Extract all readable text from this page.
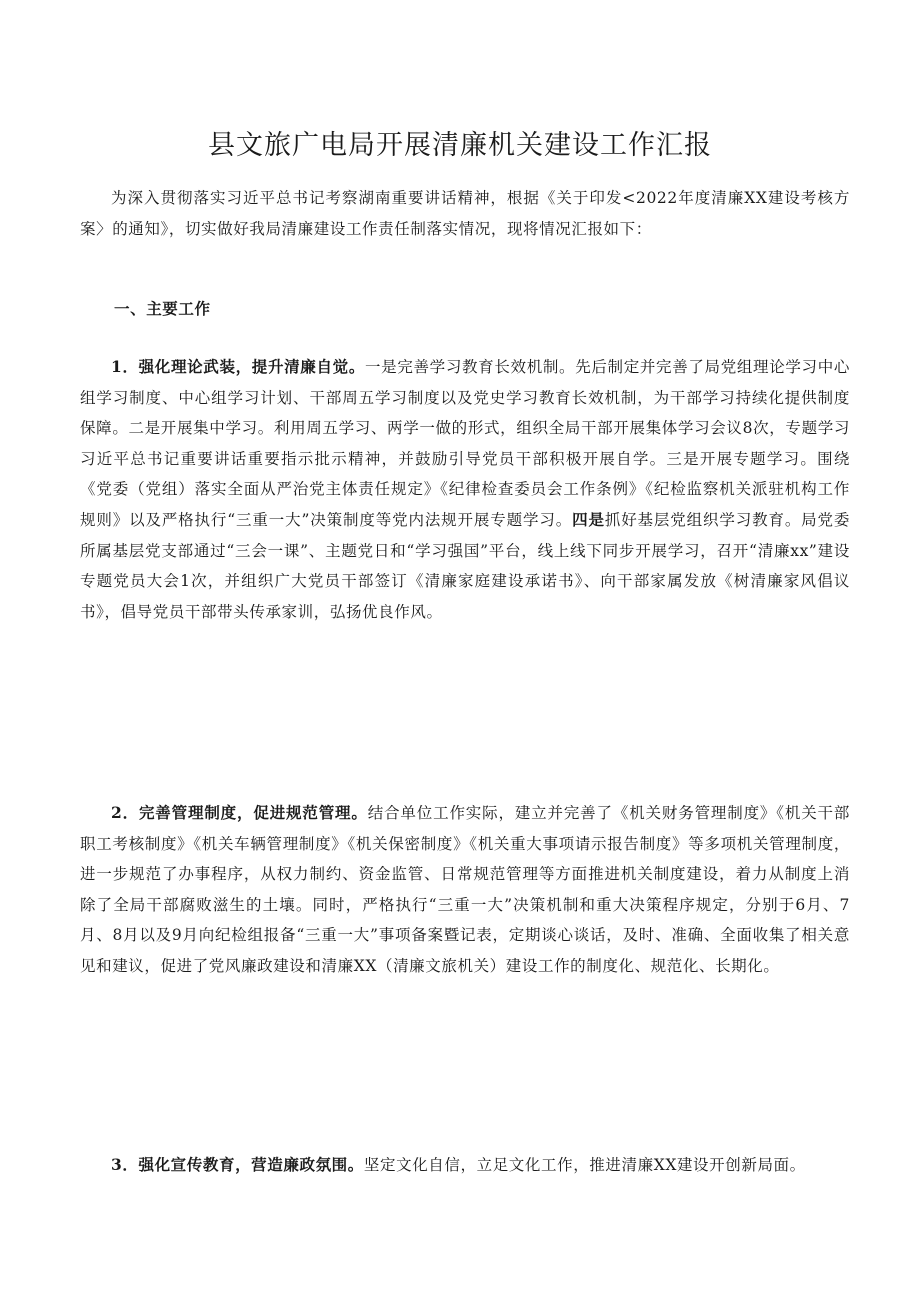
县文旅广电局开展清廉机关建设工作汇报

为深入贯彻落实习近平总书记考察湖南重要讲话精神，根据《关于印发<2022年度清廉XX建设考核方案〉的通知》，切实做好我局清廉建设工作责任制落实情况，现将情况汇报如下：

一、主要工作

1．强化理论武装，提升清廉自觉。一是完善学习教育长效机制。先后制定并完善了局党组理论学习中心组学习制度、中心组学习计划、干部周五学习制度以及党史学习教育长效机制，为干部学习持续化提供制度保障。二是开展集中学习。利用周五学习、两学一做的形式，组织全局干部开展集体学习会议8次，专题学习习近平总书记重要讲话重要指示批示精神，并鼓励引导党员干部积极开展自学。三是开展专题学习。围绕《党委（党组）落实全面从严治党主体责任规定》《纪律检查委员会工作条例》《纪检监察机关派驻机构工作规则》以及严格执行“三重一大”决策制度等党内法规开展专题学习。四是抓好基层党组织学习教育。局党委所属基层党支部通过“三会一课”、主题党日和“学习强国”平台，线上线下同步开展学习，召开“清廉xx”建设专题党员大会1次，并组织广大党员干部签订《清廉家庭建设承诺书》、向干部家属发放《树清廉家风倡议书》，倡导党员干部带头传承家训，弘扬优良作风。

2．完善管理制度，促进规范管理。结合单位工作实际，建立并完善了《机关财务管理制度》《机关干部职工考核制度》《机关车辆管理制度》《机关保密制度》《机关重大事项请示报告制度》等多项机关管理制度，进一步规范了办事程序，从权力制约、资金监管、日常规范管理等方面推进机关制度建设，着力从制度上消除了全局干部腐败滋生的土壤。同时，严格执行“三重一大”决策机制和重大决策程序规定，分别于6月、7月、8月以及9月向纪检组报备“三重一大”事项备案暨记表，定期谈心谈话，及时、准确、全面收集了相关意见和建议，促进了党风廉政建设和清廉XX（清廉文旅机关）建设工作的制度化、规范化、长期化。

3．强化宣传教育，营造廉政氛围。坚定文化自信，立足文化工作，推进清廉XX建设开创新局面。
